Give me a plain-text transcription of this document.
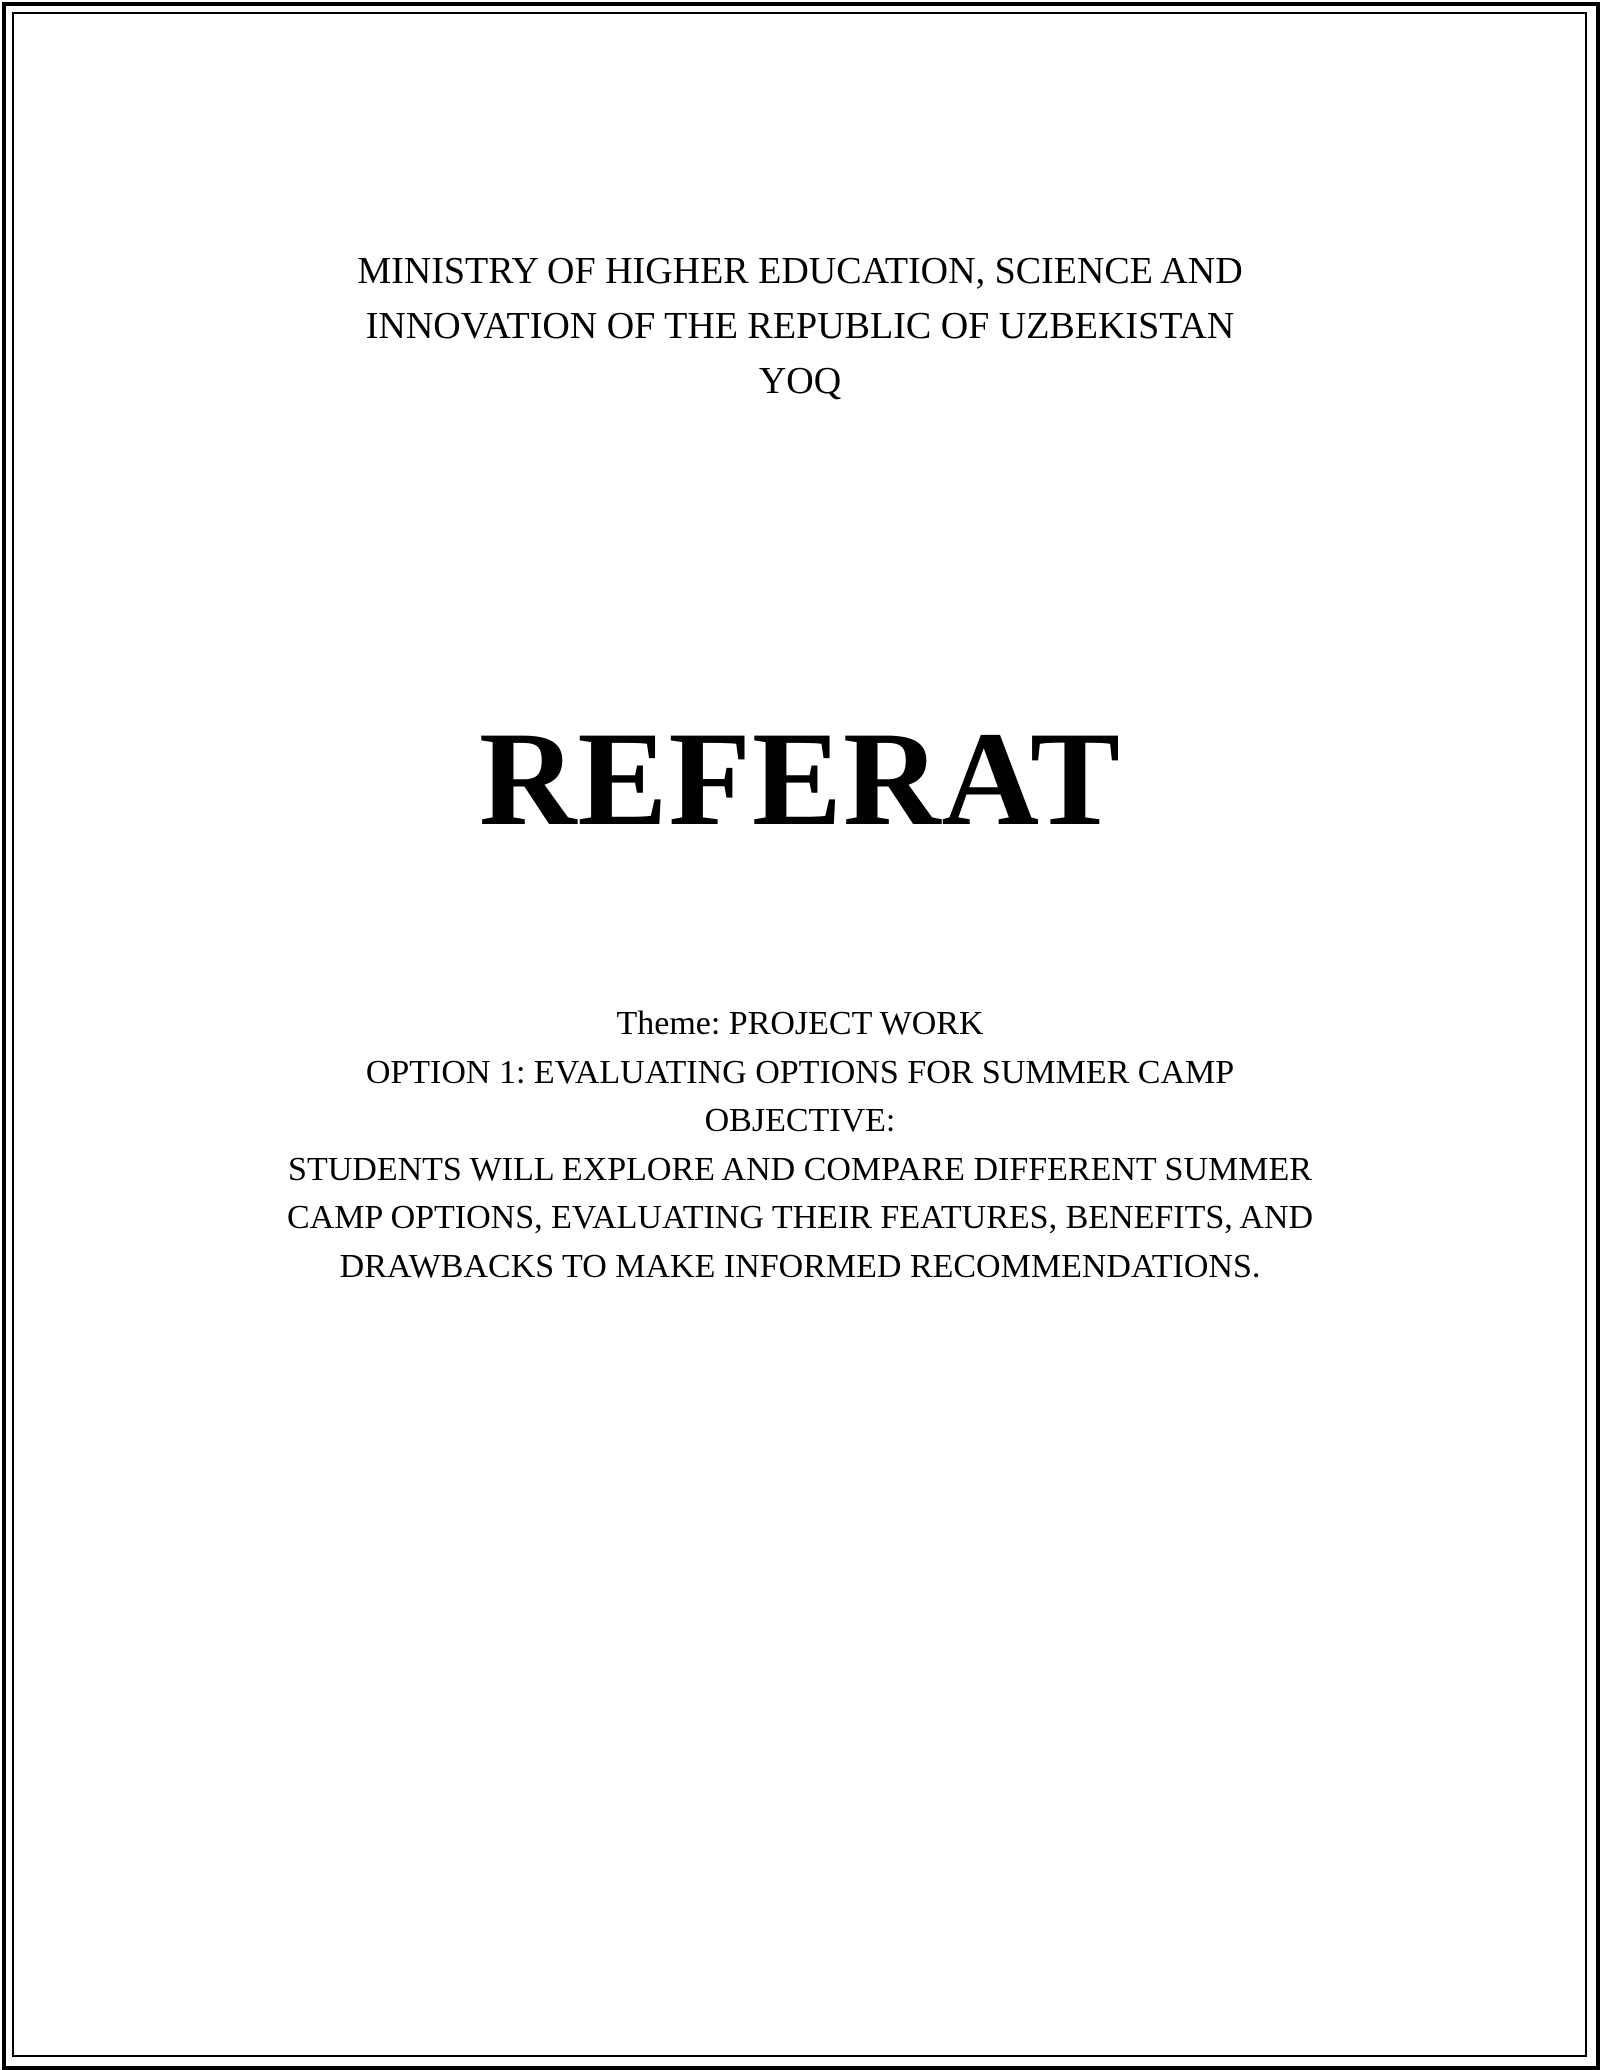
MINISTRY OF HIGHER EDUCATION, SCIENCE AND
INNOVATION OF THE REPUBLIC OF UZBEKISTAN
YOQ
REFERAT
Theme: PROJECT WORK
OPTION 1: EVALUATING OPTIONS FOR SUMMER CAMP
OBJECTIVE:
STUDENTS WILL EXPLORE AND COMPARE DIFFERENT SUMMER
CAMP OPTIONS, EVALUATING THEIR FEATURES, BENEFITS, AND
DRAWBACKS TO MAKE INFORMED RECOMMENDATIONS.
